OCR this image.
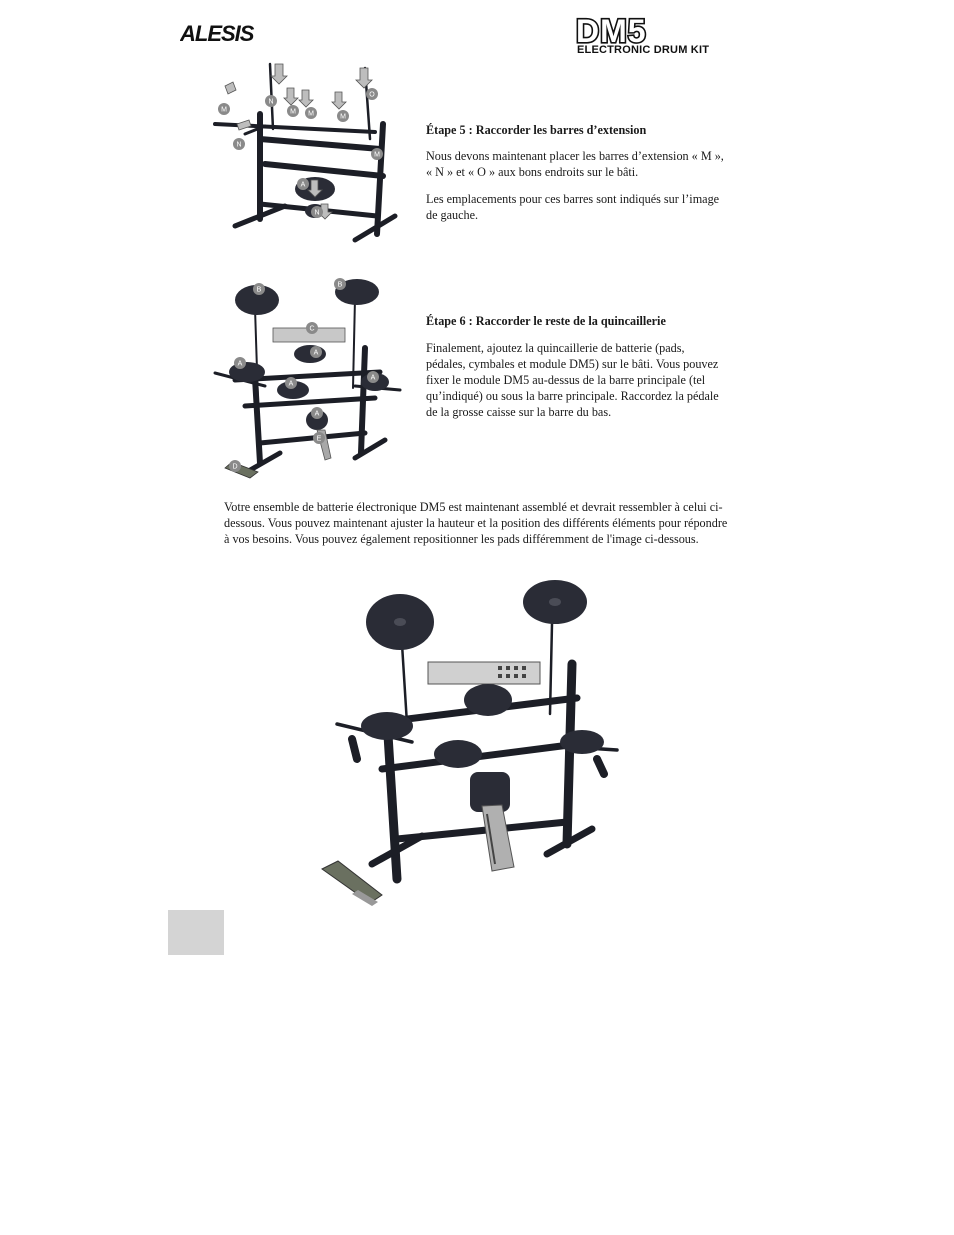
ALESIS	DM5
ELECTRONIC DRUM KIT
M
N
M M	M
O
N
M
A
N

Étape 5 : Raccorder les barres d’extension

Nous devons maintenant placer les barres d’extension « M », « N » et « O » aux bons endroits sur le bâti.

Les emplacements pour ces barres sont indiqués sur l’image de gauche.

B
B
C
A
A
A
A
A
E
D

Étape 6 : Raccorder le reste de la quincaillerie

Finalement, ajoutez la quincaillerie de batterie (pads, pédales, cymbales et module DM5) sur le bâti. Vous pouvez fixer le module DM5 au-dessus de la barre principale (tel qu’indiqué) ou sous la barre principale. Raccordez la pédale de la grosse caisse sur la barre du bas.

Votre ensemble de batterie électronique DM5 est maintenant assemblé et devrait ressembler à celui ci-dessous. Vous pouvez maintenant ajuster la hauteur et la position des différents éléments pour répondre à vos besoins. Vous pouvez également repositionner les pads différemment de l'image ci-dessous.
